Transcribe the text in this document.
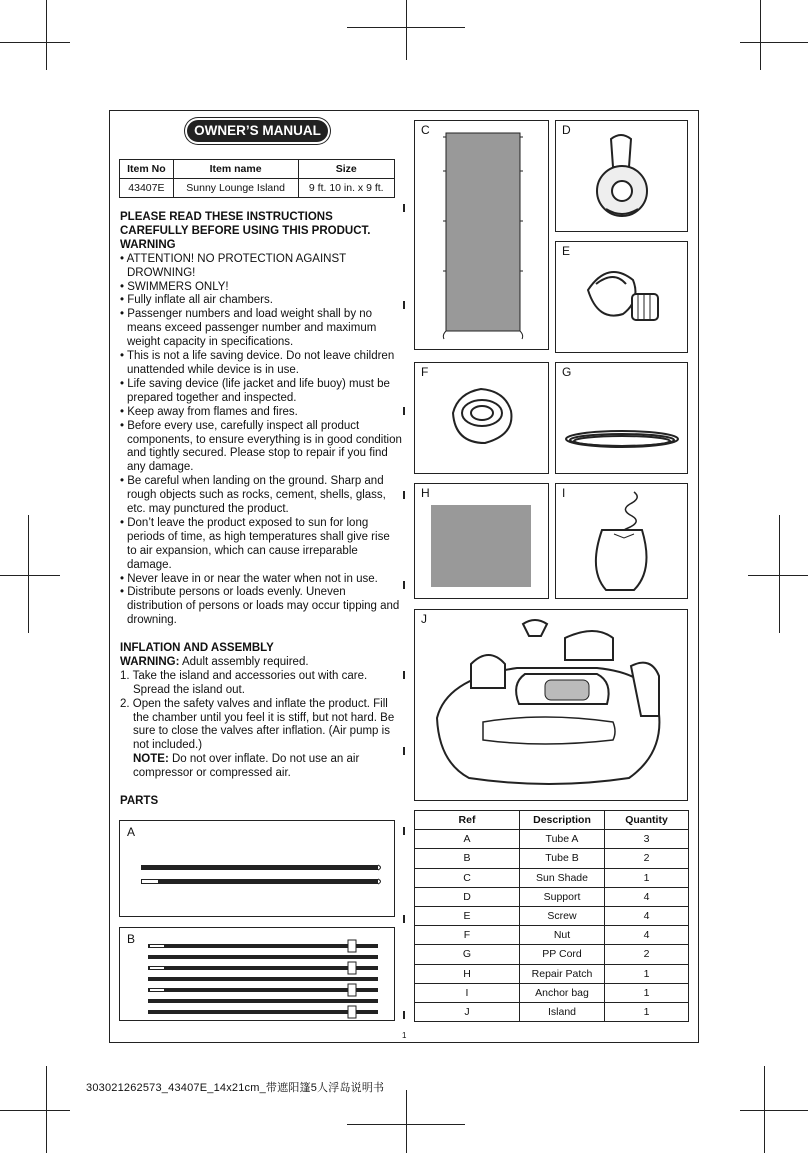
OWNER’S MANUAL
Item No	Item name	Size
43407E	Sunny Lounge Island	9 ft. 10 in. x 9 ft.

PLEASE READ THESE INSTRUCTIONS

CAREFULLY BEFORE USING THIS PRODUCT.

WARNING

• ATTENTION! NO PROTECTION AGAINST DROWNING!

• SWIMMERS ONLY!

• Fully inflate all air chambers.

• Passenger numbers and load weight shall by no means exceed passenger number and maximum weight capacity in specifications.

• This is not a life saving device. Do not leave children unattended while device is in use.

• Life saving device (life jacket and life buoy) must be prepared together and inspected.

• Keep away from flames and fires.

• Before every use, carefully inspect all product components, to ensure everything is in good condition and tightly secured. Please stop to repair if you find any damage.

• Be careful when landing on the ground. Sharp and rough objects such as rocks, cement, shells, glass, etc. may punctured the product.

• Don’t leave the product exposed to sun for long periods of time, as high temperatures shall give rise to air expansion, which can cause irreparable damage.

• Never leave in or near the water when not in use.

• Distribute persons or loads evenly. Uneven distribution of persons or loads may occur tipping and drowning.

INFLATION AND ASSEMBLY

WARNING: Adult assembly required.

1. Take the island and accessories out with care. Spread the island out.

2. Open the safety valves and inflate the product. Fill the chamber until you feel it is stiff, but not hard. Be sure to close the valves after inflation. (Air pump is not included.)

NOTE: Do not over inflate. Do not use an air compressor or compressed air.

PARTS
A
B
C	D
E
F	G
H	I
J
Ref	Description	Quantity
A	Tube A	3
B	Tube B	2
C	Sun Shade	1
D	Support	4
E	Screw	4
F	Nut	4
G	PP Cord	2
H	Repair Patch	1
I	Anchor bag	1
J	Island	1
1
303021262573_43407E_14x21cm_带遮阳篷5人浮岛说明书
